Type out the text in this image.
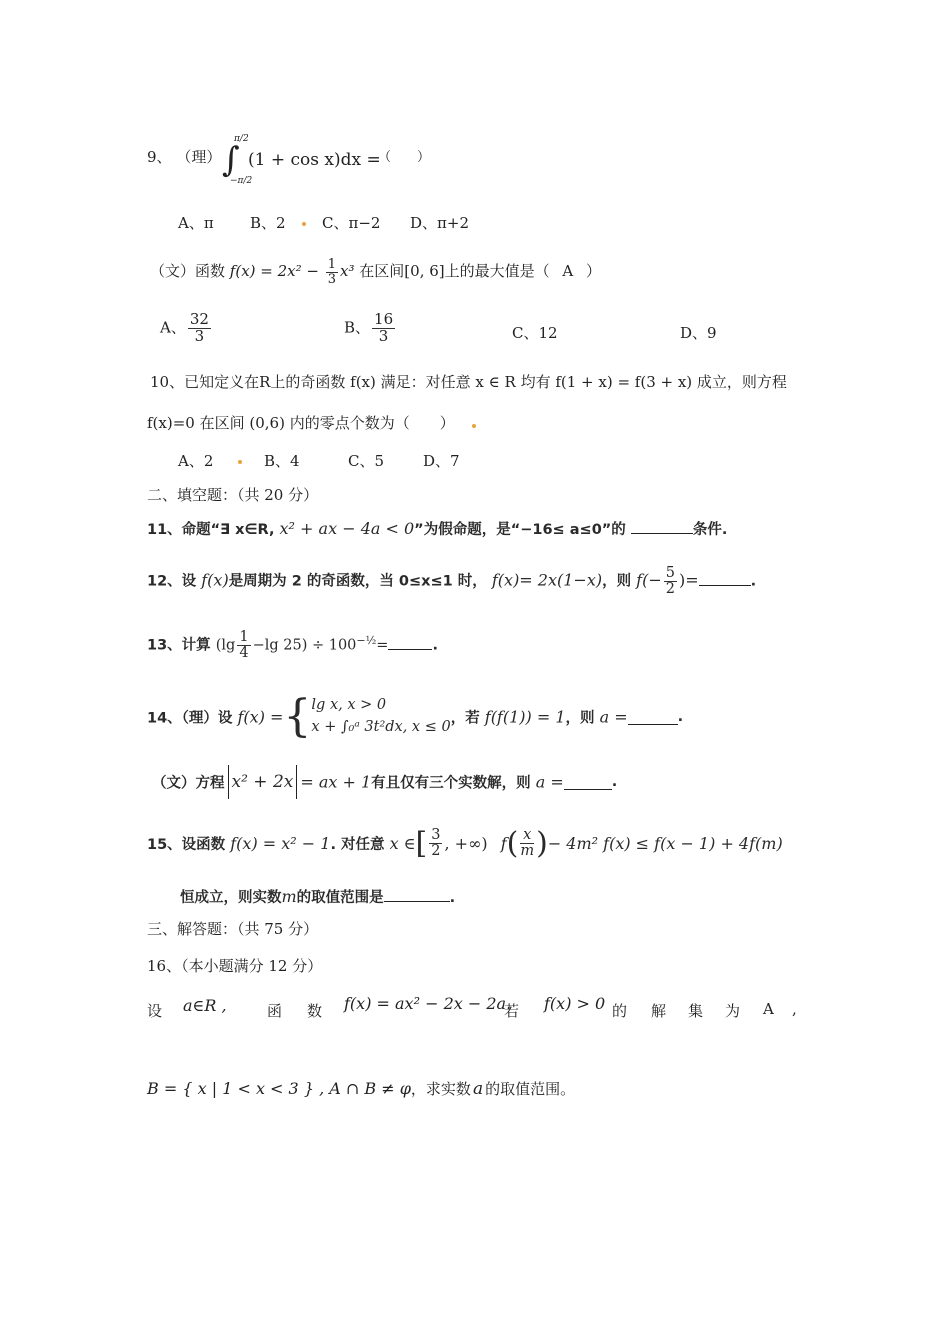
9、 （理） ∫
π/2
−π/2
(1 + cos x)dx =
（　　）
A、π B、2 C、π−2 D、π+2
（文）函数 $f(x) = 2x^2 - \frac{1}{3} x^3$ 在区间[0, 6]上的最大值是（ A ）
A、 $\frac{32}{3}$	B、 $\frac{16}{3}$	C、12	D、9
10、已知定义在R上的奇函数 f(x) 满足：对任意 x ∈ R 均有 f(1 + x) = f(3 + x) 成立，则方程
f(x)=0 在区间 (0,6) 内的零点个数为（　　）
A、2	B、4	C、5	D、7
二、填空题：（共 20 分）
11、命题“∃ x∈R, x² + ax − 4a < 0”为假命题，是“−16≤ a≤0”的	条件.
12、设 f(x)是周期为 2 的奇函数，当 0≤x≤1 时， f(x)= 2x(1−x)，则 $f(- \frac{5}{2}$ )=	.
13、计算 ($\lg \frac{1}{4} -\lg$ $25) \div 100^{-\frac{1}{2}}=$	.
14、（理）设 f(x) ={ lg x, x > 0
x + ∫₀ᵃ 3t²dx, x ≤ 0
，若 f(f(1)) = 1，则 a =	.
（文）方程 x² + 2x = ax + 1有且仅有三个实数解，则 a =	.
15、设函数 f(x) = x² − 1. 对任意 x ∈[ $\frac{3}{2}$ , +∞) $f( \frac{x}{m}$ )− 4m² f(x) ≤ f(x − 1) + 4f(m)
恒成立，则实数m的取值范围是	.
三、解答题：（共 75 分）
16、（本小题满分 12 分）
设 a∈R ,	函 数 f(x) = ax² − 2x − 2a.
若 f(x) > 0 的 解 集 为 A ,
B = { x | 1 < x < 3 } , A ∩ B ≠ φ，求实数 a 的取值范围。
